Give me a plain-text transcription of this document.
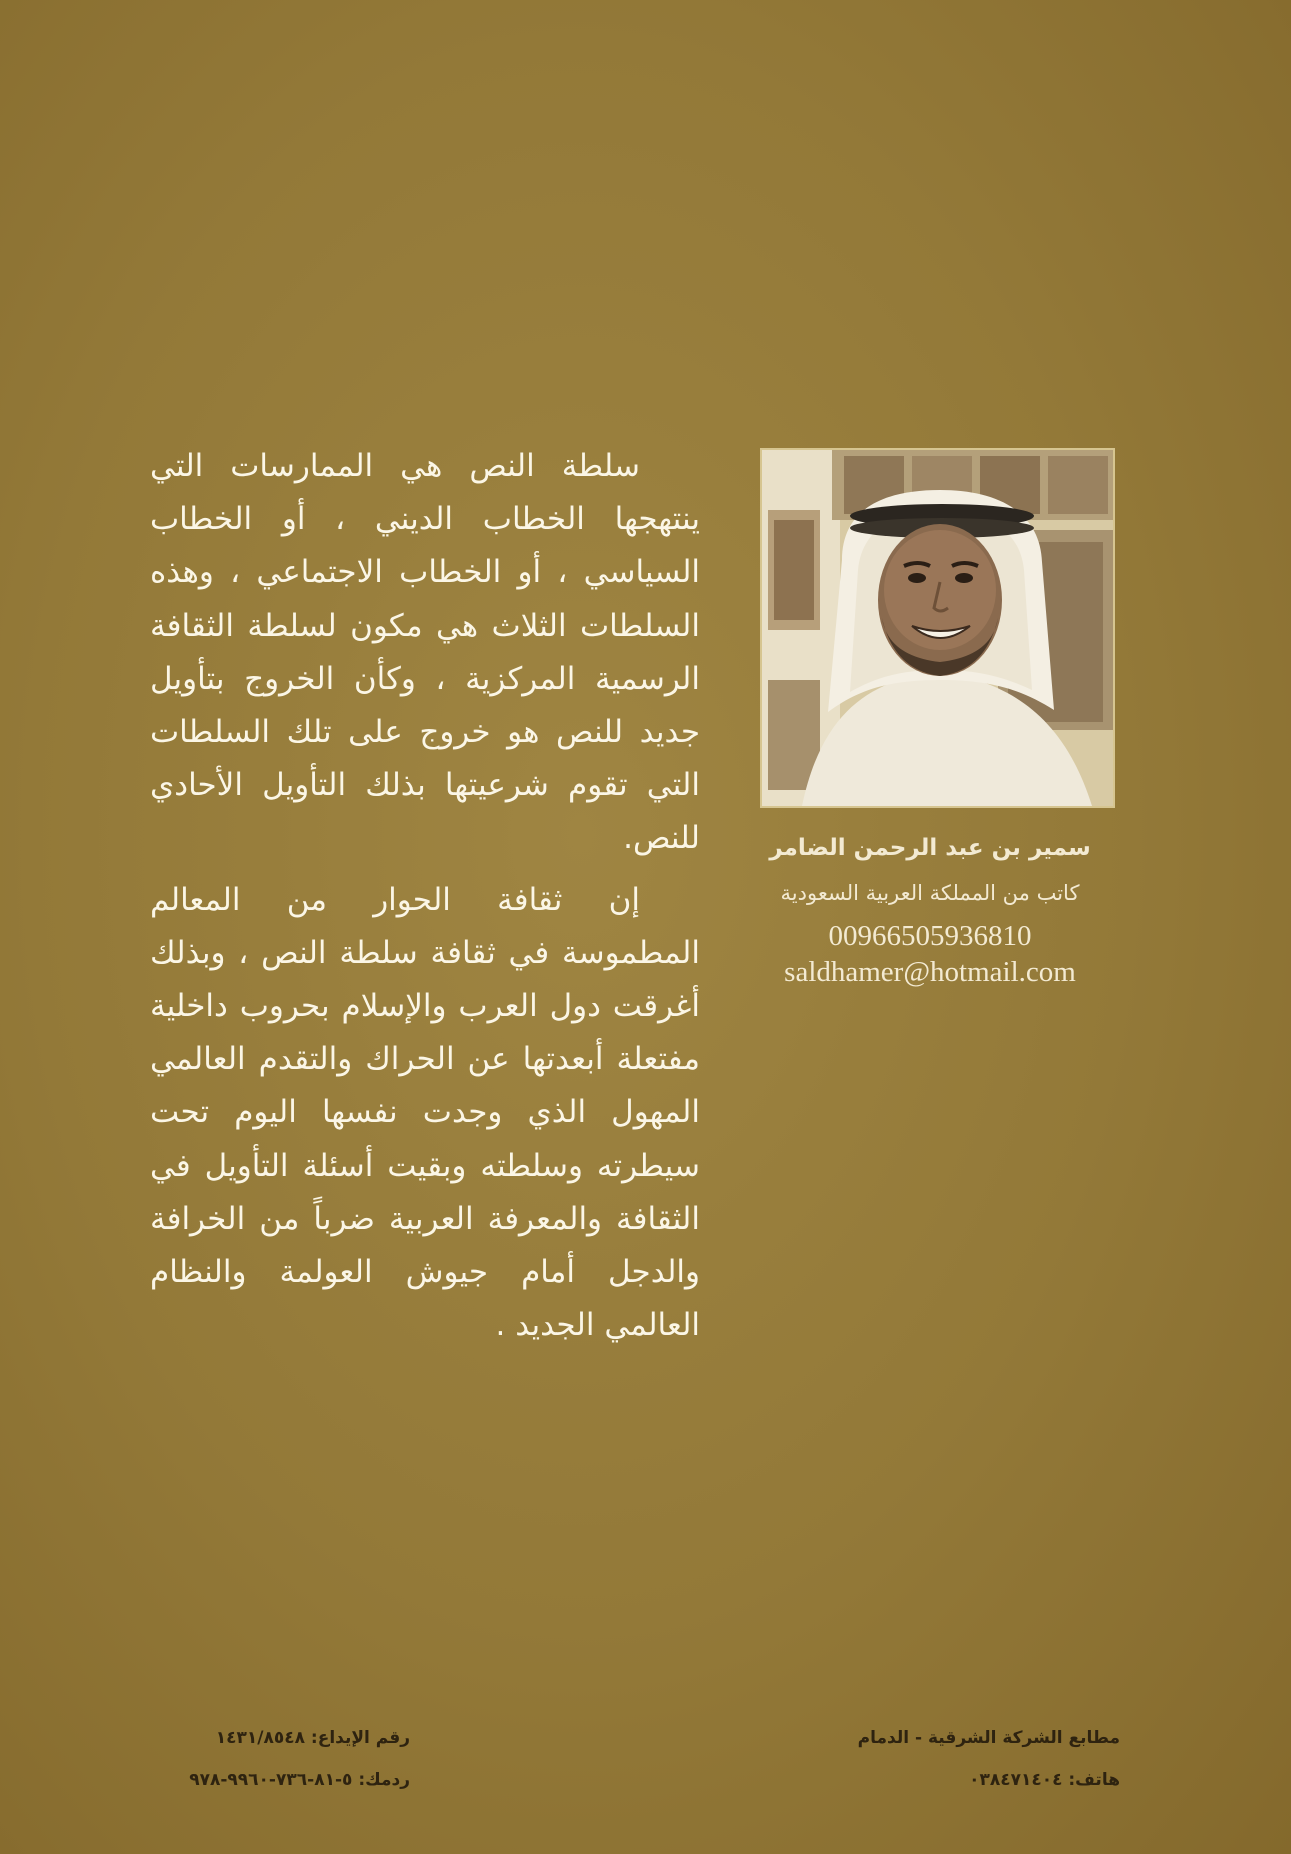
سمير بن عبد الرحمن الضامر

كاتب من المملكة العربية السعودية

00966505936810

saldhamer@hotmail.com

سلطة النص هي الممارسات التي ينتهجها الخطاب الديني ، أو الخطاب السياسي ، أو الخطاب الاجتماعي ، وهذه السلطات الثلاث هي مكون لسلطة الثقافة الرسمية المركزية ، وكأن الخروج بتأويل جديد للنص هو خروج على تلك السلطات التي تقوم شرعيتها بذلك التأويل الأحادي للنص.

إن ثقافة الحوار من المعالم المطموسة في ثقافة سلطة النص ، وبذلك أغرقت دول العرب والإسلام بحروب داخلية مفتعلة أبعدتها عن الحراك والتقدم العالمي المهول الذي وجدت نفسها اليوم تحت سيطرته وسلطته وبقيت أسئلة التأويل في الثقافة والمعرفة العربية ضرباً من الخرافة والدجل أمام جيوش العولمة والنظام العالمي الجديد .

مطابع الشركة الشرقية - الدمام

هاتف: ٠٣٨٤٧١٤٠٤

رقم الإيداع: ١٤٣١/٨٥٤٨

ردمك: ٥-٨١-٧٣٦-٩٩٦٠-٩٧٨
